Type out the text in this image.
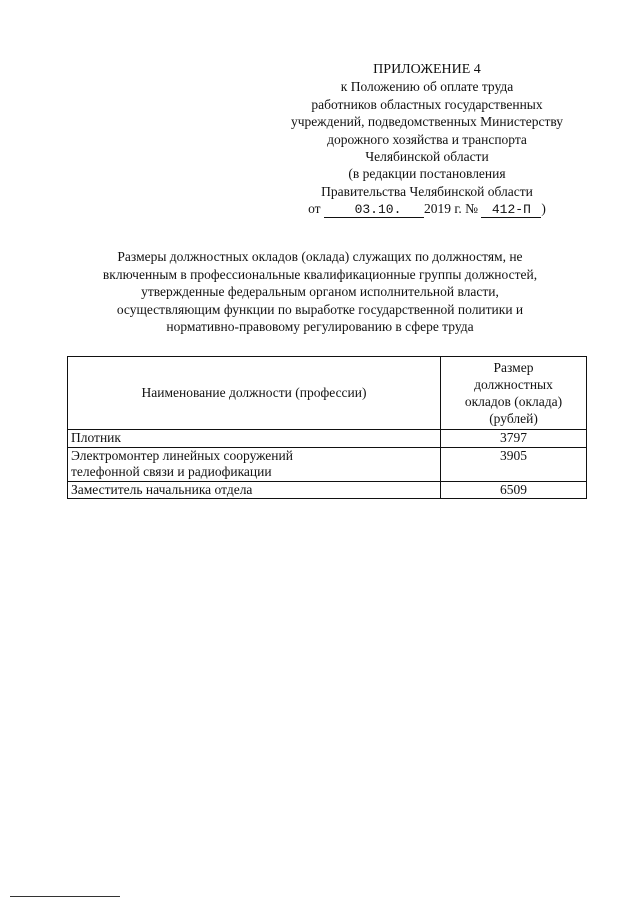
ПРИЛОЖЕНИЕ 4
к Положению об оплате труда
работников областных государственных
учреждений, подведомственных Министерству
дорожного хозяйства и транспорта
Челябинской области
(в редакции постановления
Правительства Челябинской области
от	03.10. 2019 г. № 412-П )
Размеры должностных окладов (оклада) служащих по должностям, не
включенным в профессиональные квалификационные группы должностей,
утвержденные федеральным органом исполнительной власти,
осуществляющим функции по выработке государственной политики и
нормативно-правовому регулированию в сфере труда
Наименование должности (профессии)	Размер
должностных
окладов (оклада)
(рублей)

Плотник	3797

Электромонтер линейных сооружений
телефонной связи и радиофикации	3905

Заместитель начальника отдела	6509
